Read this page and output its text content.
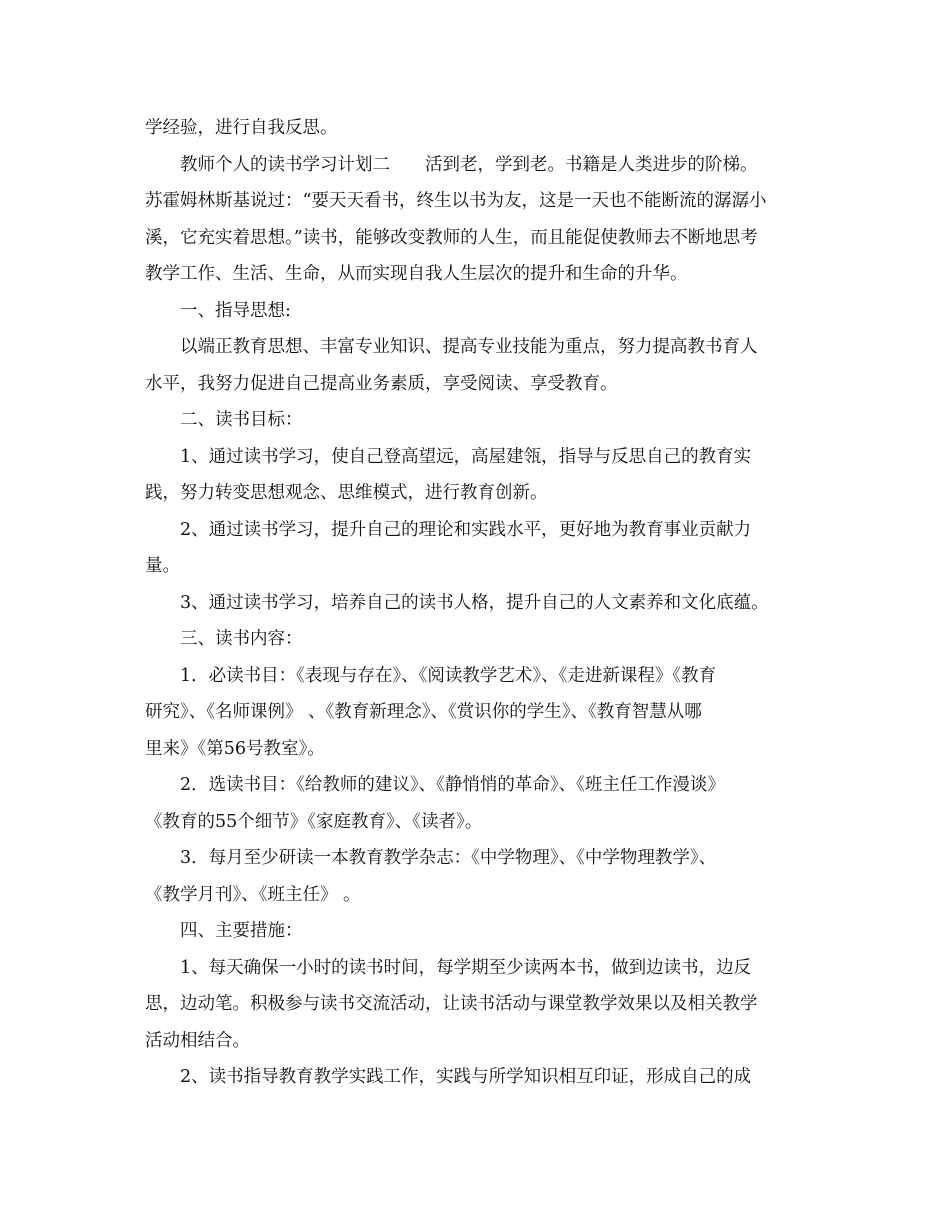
学经验，进行自我反思。
教师个人的读书学习计划二　　活到老，学到老。书籍是人类进步的阶梯。
苏霍姆林斯基说过：“要天天看书，终生以书为友，这是一天也不能断流的潺潺小
溪，它充实着思想。”读书，能够改变教师的人生，而且能促使教师去不断地思考
教学工作、生活、生命，从而实现自我人生层次的提升和生命的升华。
一、指导思想:
以端正教育思想、丰富专业知识、提高专业技能为重点，努力提高教书育人
水平，我努力促进自己提高业务素质，享受阅读、享受教育。
二、读书目标：
1、通过读书学习，使自己登高望远，高屋建瓴，指导与反思自己的教育实
践，努力转变思想观念、思维模式，进行教育创新。
2、通过读书学习，提升自己的理论和实践水平，更好地为教育事业贡献力
量。
3、通过读书学习，培养自己的读书人格，提升自己的人文素养和文化底蕴。
三、读书内容：
1．必读书目：《表现与存在》、《阅读教学艺术》、《走进新课程》《教育
研究》、《名师课例》 、《教育新理念》、《赏识你的学生》、《教育智慧从哪
里来》《第56号教室》。
2．选读书目：《给教师的建议》、《静悄悄的革命》、《班主任工作漫谈》
《教育的55个细节》《家庭教育》、《读者》。
3．每月至少研读一本教育教学杂志：《中学物理》、《中学物理教学》、
《教学月刊》、《班主任》 。
四、主要措施：
1、每天确保一小时的读书时间，每学期至少读两本书，做到边读书，边反
思，边动笔。积极参与读书交流活动，让读书活动与课堂教学效果以及相关教学
活动相结合。
2、读书指导教育教学实践工作，实践与所学知识相互印证，形成自己的成
